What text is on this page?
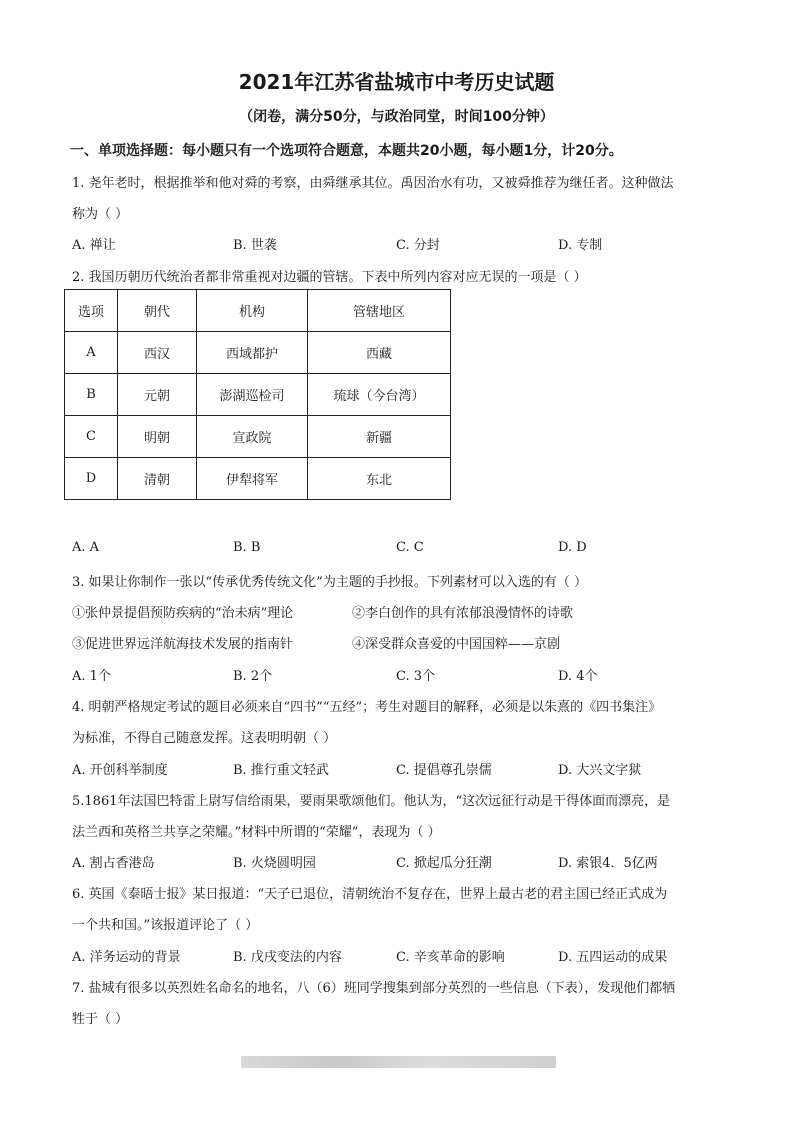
2021年江苏省盐城市中考历史试题
（闭卷，满分50分，与政治同堂，时间100分钟）
一、单项选择题：每小题只有一个选项符合题意，本题共20小题，每小题1分，计20分。
1. 尧年老时，根据推举和他对舜的考察，由舜继承其位。禹因治水有功，又被舜推荐为继任者。这种做法
称为（ ）
A. 禅让	B. 世袭	C. 分封	D. 专制
2. 我国历朝历代统治者都非常重视对边疆的管辖。下表中所列内容对应无误的一项是（ ）
选项	朝代	机构	管辖地区
A	西汉	西域都护	西藏
B	元朝	澎湖巡检司	琉球（今台湾）
C	明朝	宣政院	新疆
D	清朝	伊犁将军	东北
A. A	B. B	C. C	D. D
3. 如果让你制作一张以“传承优秀传统文化”为主题的手抄报。下列素材可以入选的有（ ）
①张仲景提倡预防疾病的“治未病”理论	②李白创作的具有浓郁浪漫情怀的诗歌
③促进世界远洋航海技术发展的指南针	④深受群众喜爱的中国国粹——京剧
A. 1个	B. 2个	C. 3个	D. 4个
4. 明朝严格规定考试的题目必须来自“四书”“五经”；考生对题目的解释，必须是以朱熹的《四书集注》
为标准，不得自己随意发挥。这表明明朝（ ）
A. 开创科举制度	B. 推行重文轻武	C. 提倡尊孔崇儒	D. 大兴文字狱
5.1861年法国巴特雷上尉写信给雨果，要雨果歌颂他们。他认为，“这次远征行动是干得体面而漂亮，是
法兰西和英格兰共享之荣耀。”材料中所谓的“荣耀”，表现为（ ）
A. 割占香港岛	B. 火烧圆明园	C. 掀起瓜分狂潮	D. 索银4．5亿两
6. 英国《泰晤士报》某日报道：“天子已退位，清朝统治不复存在，世界上最古老的君主国已经正式成为
一个共和国。”该报道评论了（ ）
A. 洋务运动的背景	B. 戊戌变法的内容	C. 辛亥革命的影响	D. 五四运动的成果
7. 盐城有很多以英烈姓名命名的地名，八（6）班同学搜集到部分英烈的一些信息（下表），发现他们都牺
牲于（ ）
